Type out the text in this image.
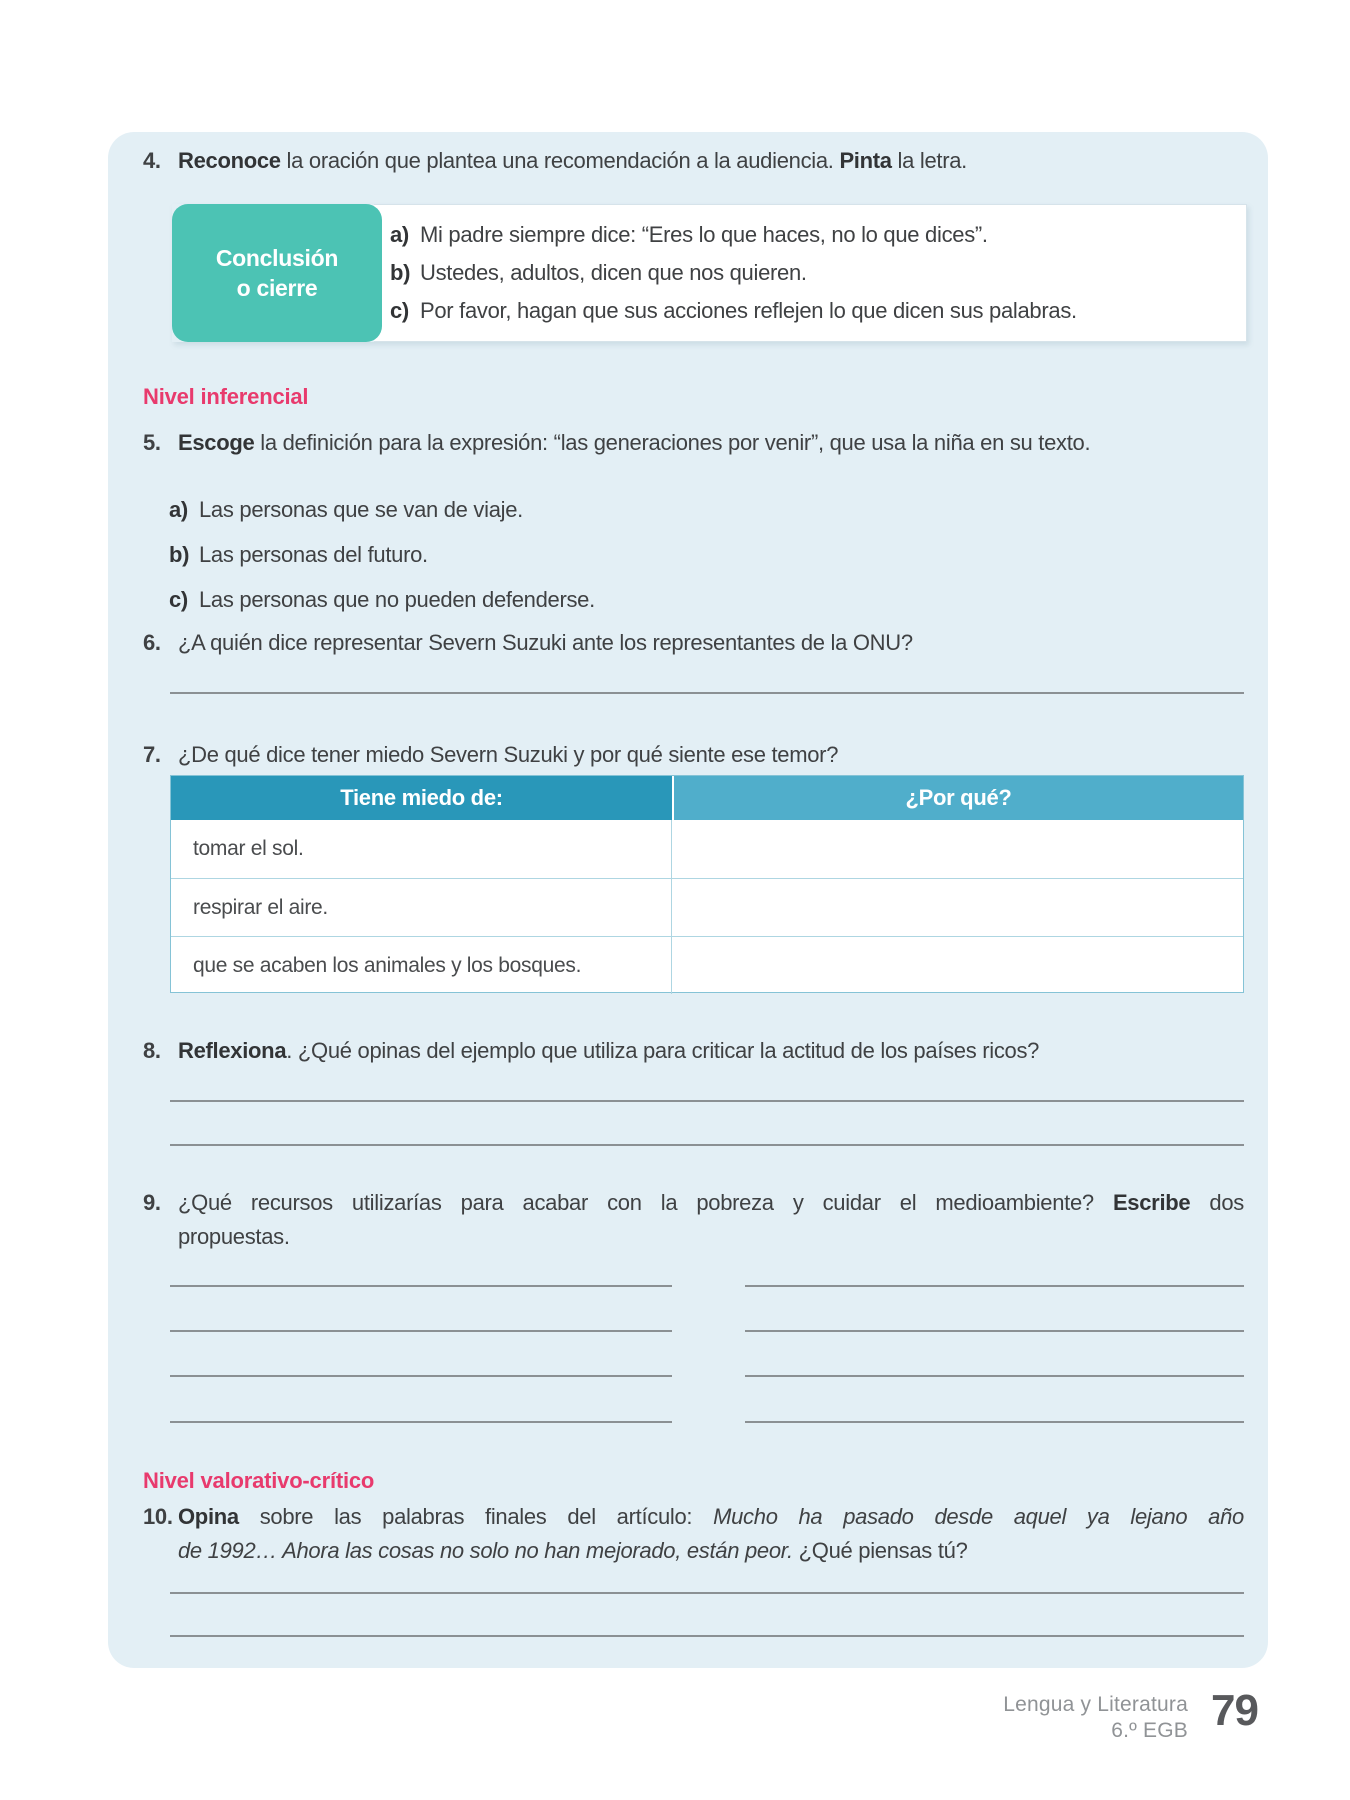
4. Reconoce la oración que plantea una recomendación a la audiencia. Pinta la letra.

Conclusión
o cierre
a) Mi padre siempre dice: “Eres lo que haces, no lo que dices”.
b) Ustedes, adultos, dicen que nos quieren.
c) Por favor, hagan que sus acciones reflejen lo que dicen sus palabras.
Nivel inferencial
5. Escoge la definición para la expresión: “las generaciones por venir”, que usa la niña en su texto.

a) Las personas que se van de viaje.
b) Las personas del futuro.
c) Las personas que no pueden defenderse.
6. ¿A quién dice representar Severn Suzuki ante los representantes de la ONU?

7. ¿De qué dice tener miedo Severn Suzuki y por qué siente ese temor?

Tiene miedo de:	¿Por qué?
tomar el sol.
respirar el aire.
que se acaben los animales y los bosques.
8. Reflexiona. ¿Qué opinas del ejemplo que utiliza para criticar la actitud de los países ricos?

9. ¿Qué recursos utilizarías para acabar con la pobreza y cuidar el medioambiente? Escribe dos
propuestas.

Nivel valorativo-crítico
10. Opina sobre las palabras finales del artículo: Mucho ha pasado desde aquel ya lejano año
de 1992… Ahora las cosas no solo no han mejorado, están peor. ¿Qué piensas tú?

Lengua y Literatura
6.º EGB 79
